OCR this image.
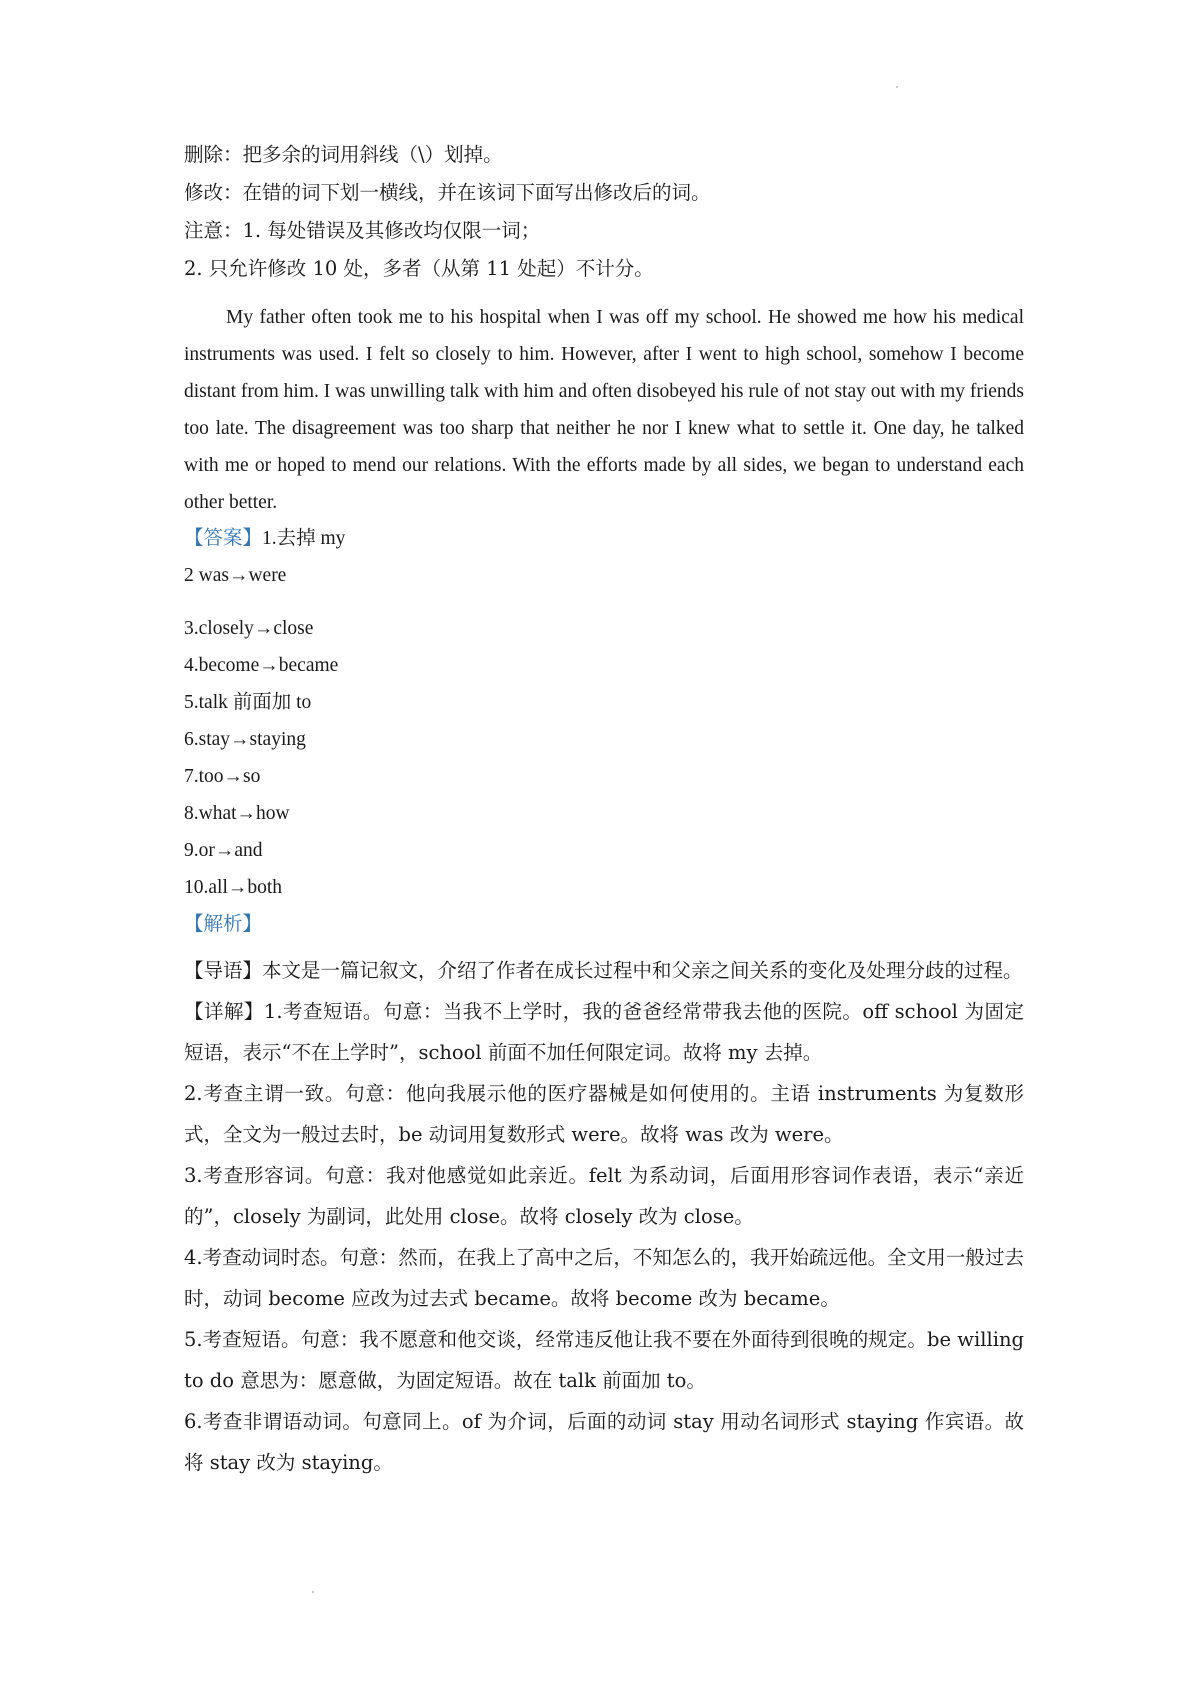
删除：把多余的词用斜线（\）划掉。
修改：在错的词下划一横线，并在该词下面写出修改后的词。
注意：1. 每处错误及其修改均仅限一词；
2. 只允许修改 10 处，多者（从第 11 处起）不计分。
My father often took me to his hospital when I was off my school. He showed me how his medical instruments was used. I felt so closely to him. However, after I went to high school, somehow I become distant from him. I was unwilling talk with him and often disobeyed his rule of not stay out with my friends too late. The disagreement was too sharp that neither he nor I knew what to settle it. One day, he talked with me or hoped to mend our relations. With the efforts made by all sides, we began to understand each other better.
【答案】1.去掉 my
2 was→were
3.closely→close
4.become→became
5.talk 前面加 to
6.stay→staying
7.too→so
8.what→how
9.or→and
10.all→both
【解析】
【导语】本文是一篇记叙文，介绍了作者在成长过程中和父亲之间关系的变化及处理分歧的过程。
【详解】1.考查短语。句意：当我不上学时，我的爸爸经常带我去他的医院。off school 为固定短语，表示“不在上学时”，school 前面不加任何限定词。故将 my 去掉。
2.考查主谓一致。句意：他向我展示他的医疗器械是如何使用的。主语 instruments 为复数形式，全文为一般过去时，be 动词用复数形式 were。故将 was 改为 were。
3.考查形容词。句意：我对他感觉如此亲近。felt 为系动词，后面用形容词作表语，表示“亲近的”，closely 为副词，此处用 close。故将 closely 改为 close。
4.考查动词时态。句意：然而，在我上了高中之后，不知怎么的，我开始疏远他。全文用一般过去时，动词 become 应改为过去式 became。故将 become 改为 became。
5.考查短语。句意：我不愿意和他交谈，经常违反他让我不要在外面待到很晚的规定。be willing to do 意思为：愿意做，为固定短语。故在 talk 前面加 to。
6.考查非谓语动词。句意同上。of 为介词，后面的动词 stay 用动名词形式 staying 作宾语。故将 stay 改为 staying。
